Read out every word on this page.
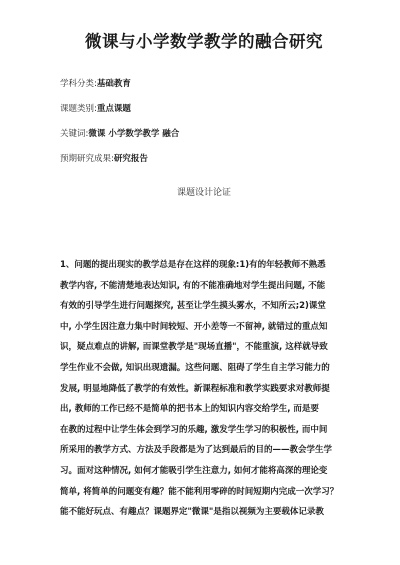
微课与小学数学教学的融合研究
学科分类:基础教育
课题类别:重点课题
关键词:微课 小学数学教学 融合
预期研究成果:研究报告
课题设计论证
1、问题的提出现实的教学总是存在这样的现象:1)有的年轻教师不熟悉
教学内容, 不能清楚地表达知识, 有的不能准确地对学生提出问题, 不能
有效的引导学生进行问题探究, 甚至让学生摸头雾水，不知所云;2)课堂
中, 小学生因注意力集中时间较短、开小差等一不留神, 就错过的重点知
识，疑点难点的讲解, 而课堂教学是"现场直播"，不能重演, 这样就导致
学生作业不会做, 知识出现遗漏。这些问题、阻碍了学生自主学习能力的
发展, 明显地降低了教学的有效性。新课程标准和教学实践要求对教师提
出, 教师的工作已经不是简单的把书本上的知识内容交给学生, 而是要
在教的过程中让学生体会到学习的乐趣, 激发学生学习的积极性, 而中间
所采用的教学方式、方法及手段都是为了达到最后的目的——教会学生学
习。面对这种情况, 如何才能吸引学生注意力, 如何才能将高深的理论变
简单, 将简单的问题变有趣？能不能利用零碎的时间短期内完成一次学习？
能不能好玩点、有趣点？课题界定"微课"是指以视频为主要载体记录教
